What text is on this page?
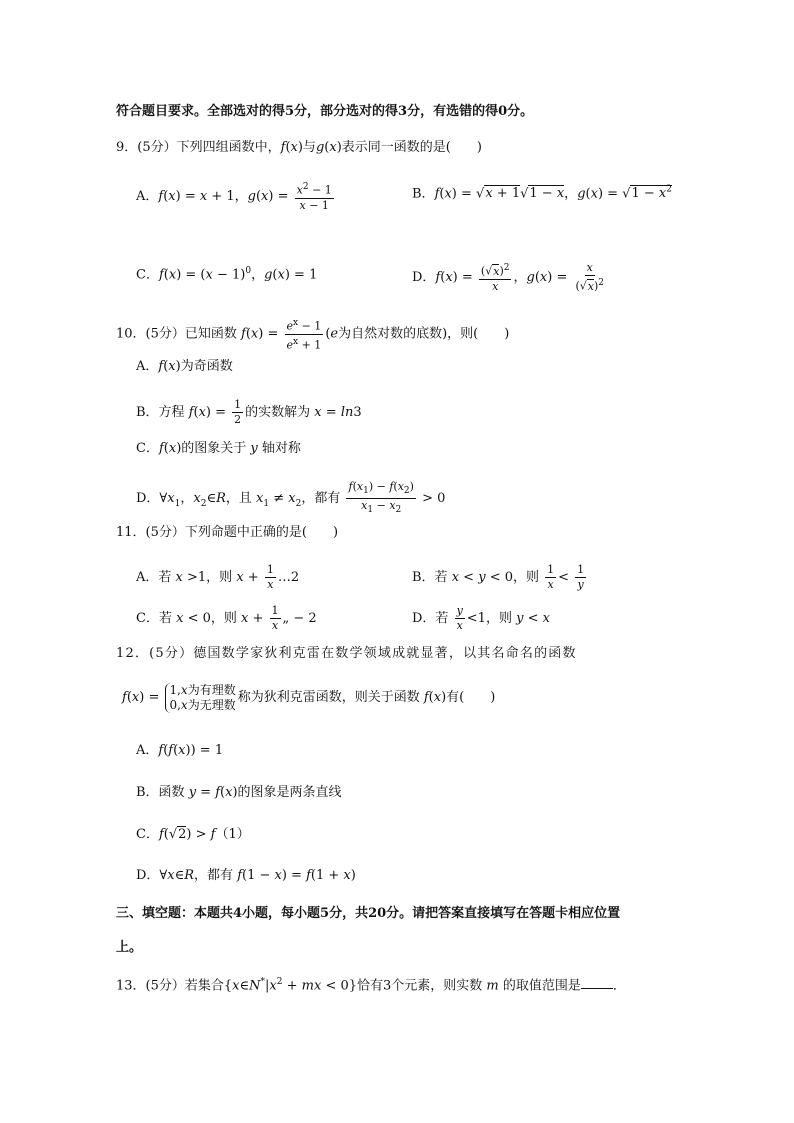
符合题目要求。全部选对的得5分，部分选对的得3分，有选错的得0分。
9．(5分）下列四组函数中，f(x)与g(x)表示同一函数的是(　　)
A．f(x) = x + 1，$g(x) = \frac{x^2 - 1}{x - 1}$	B．f(x) = √x + 1√1 − x，$g(x) = √1 - x^2$
C．$f(x) = (x - 1)^0$，g(x) = 1	D．$f(x) = \frac{(√x)^2}{x}$ ，$g(x) = \frac{x}{(√x)^2}$
10．(5分）已知函数 $f(x) = \frac{e^x - 1}{e^x + 1} (e$为自然对数的底数)，则(　　)
A．f(x)为奇函数
B．方程 $f(x) = \frac{1}{2}$ 的实数解为 x = ln3
C．f(x)的图象关于 y 轴对称
D．$\forall x_1$，$x_2\in R$，且 $x_1 \ne x_2$，都有 $\frac{f(x_1) - f(x_2)}{x_1 - x_2} > 0$
11．(5分）下列命题中正确的是(　　)
A．若 x >1，则 $x + \frac{1}{x}$ …2	B．若 x < y < 0，则 $\frac{1}{x} < \frac{1}{y}$
C．若 x < 0，则 $x + \frac{1}{x}$ „ − 2	D．若 $\frac{y}{x} <1$，则 y < x
12．(5分）德国数学家狄利克雷在数学领域成就显著，以其名命名的函数
f(x) = 1,x为有理数
0,x为无理数 称为狄利克雷函数，则关于函数 f(x)有(　　)
A．f(f(x)) = 1
B．函数 y = f(x)的图象是两条直线
C．f(√2) > f（1）
D．∀x∈R，都有 f(1 − x) = f(1 + x)
三、填空题：本题共4小题，每小题5分，共20分。请把答案直接填写在答题卡相应位置
上。
13．(5分）若集合{$x\in N^*|x^2$ + mx < 0}恰有3个元素，则实数 m 的取值范围是 ．
